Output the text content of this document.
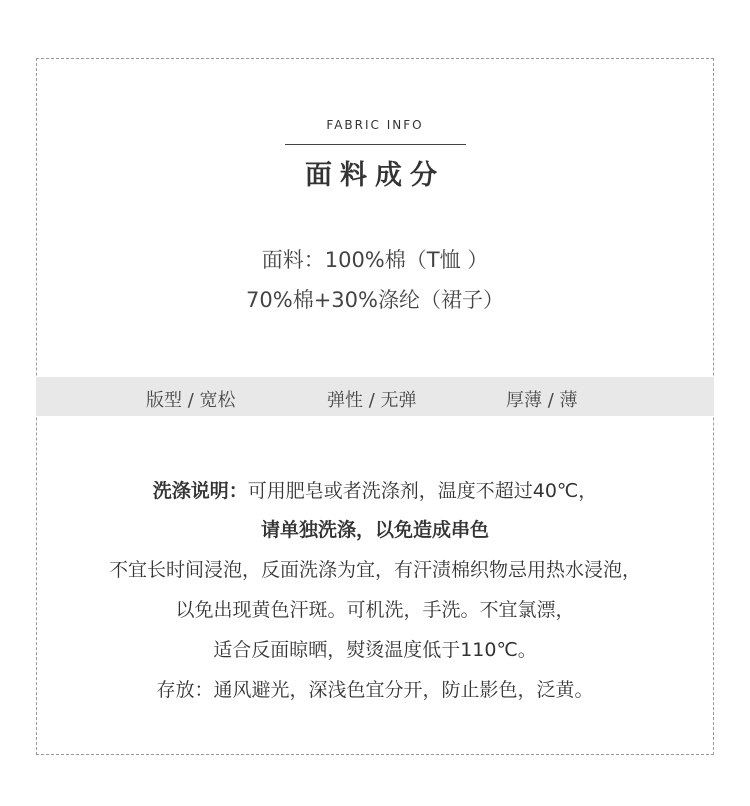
FABRIC INFO
面料成分
面料：100%棉（T恤 ）
70%棉+30%涤纶（裙子）
版型 / 宽松	弹性 / 无弹	厚薄 / 薄
洗涤说明：可用肥皂或者洗涤剂，温度不超过40℃，
请单独洗涤，以免造成串色
不宜长时间浸泡，反面洗涤为宜，有汗渍棉织物忌用热水浸泡，
以免出现黄色汗斑。可机洗，手洗。不宜氯漂，
适合反面晾晒，熨烫温度低于110℃。
存放：通风避光，深浅色宜分开，防止影色，泛黄。
